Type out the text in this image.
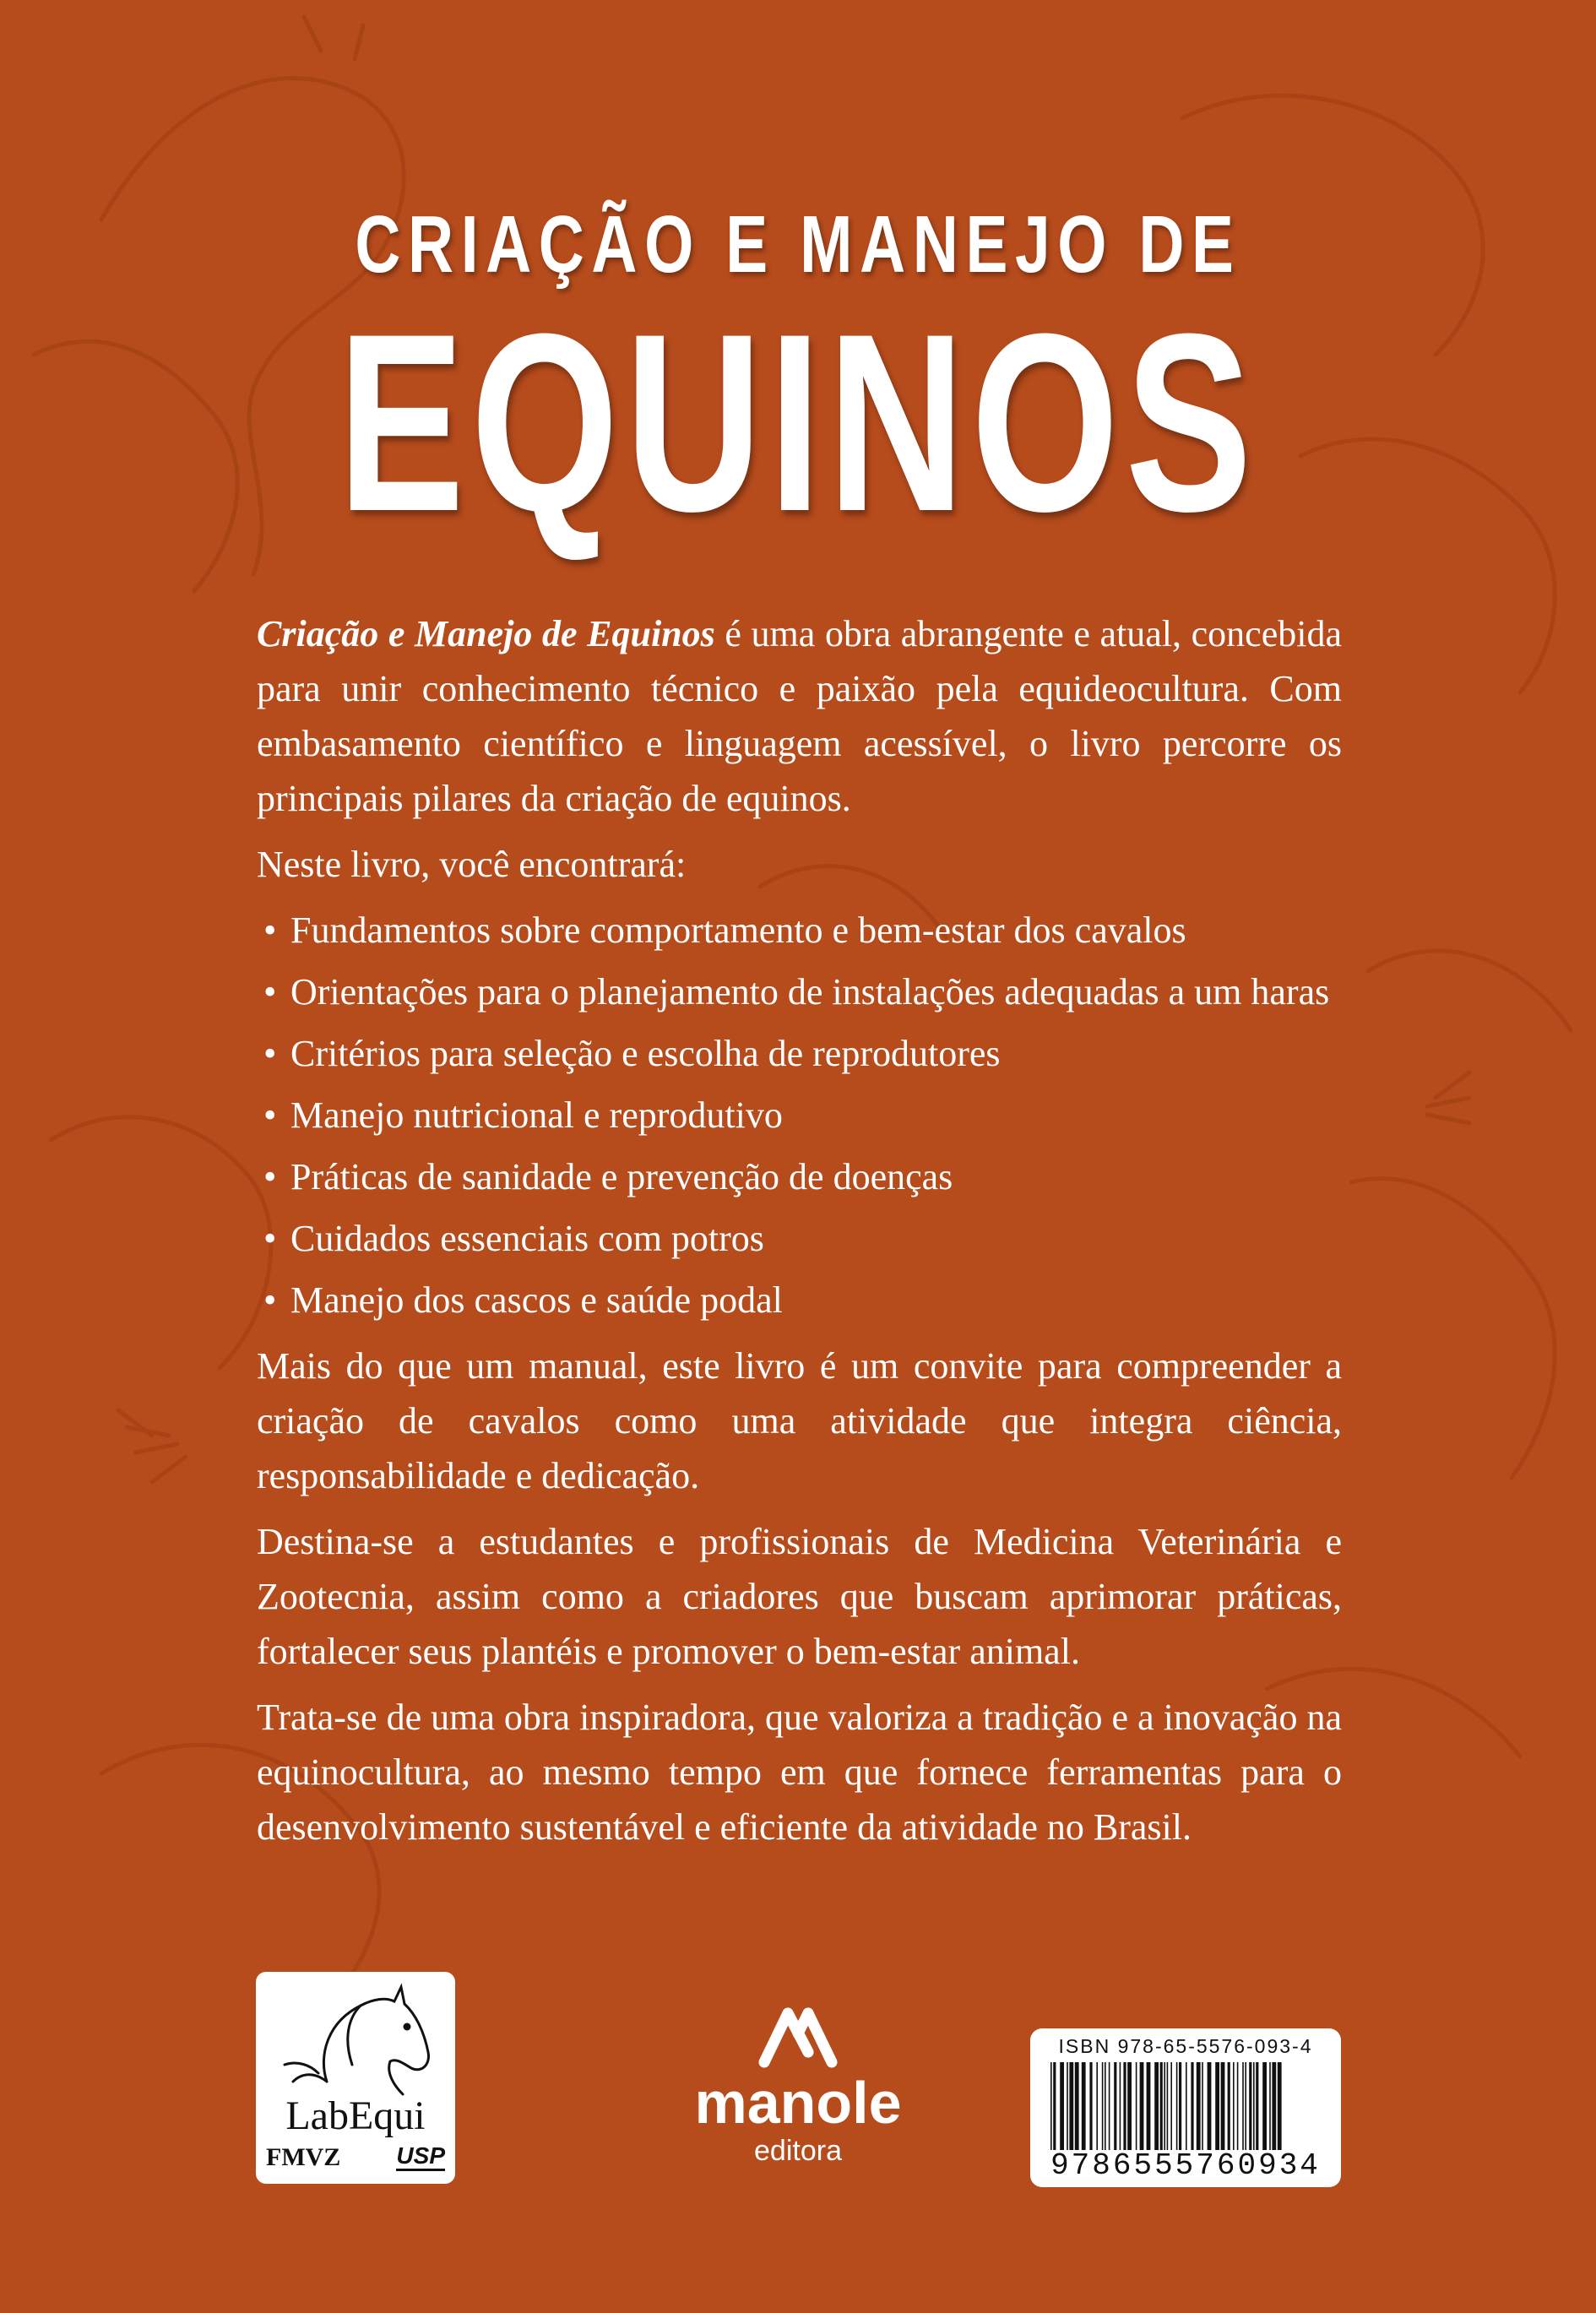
CRIAÇÃO E MANEJO DE
EQUINOS

Criação e Manejo de Equinos é uma obra abrangente e atual, concebida para unir conhecimento técnico e paixão pela equideocultura. Com embasamento científico e linguagem acessível, o livro percorre os principais pilares da criação de equinos.

Neste livro, você encontrará:

• Fundamentos sobre comportamento e bem-estar dos cavalos
• Orientações para o planejamento de instalações adequadas a um haras
• Critérios para seleção e escolha de reprodutores
• Manejo nutricional e reprodutivo
• Práticas de sanidade e prevenção de doenças
• Cuidados essenciais com potros
• Manejo dos cascos e saúde podal

Mais do que um manual, este livro é um convite para compreender a criação de cavalos como uma atividade que integra ciência, responsabilidade e dedicação.

Destina-se a estudantes e profissionais de Medicina Veterinária e Zootecnia, assim como a criadores que buscam aprimorar práticas, fortalecer seus plantéis e promover o bem-estar animal.

Trata-se de uma obra inspiradora, que valoriza a tradição e a inovação na equinocultura, ao mesmo tempo em que fornece ferramentas para o desenvolvimento sustentável e eficiente da atividade no Brasil.

LabEqui
FMVZ USP
manole
editora
ISBN 978-65-5576-093-4
9786555760934
